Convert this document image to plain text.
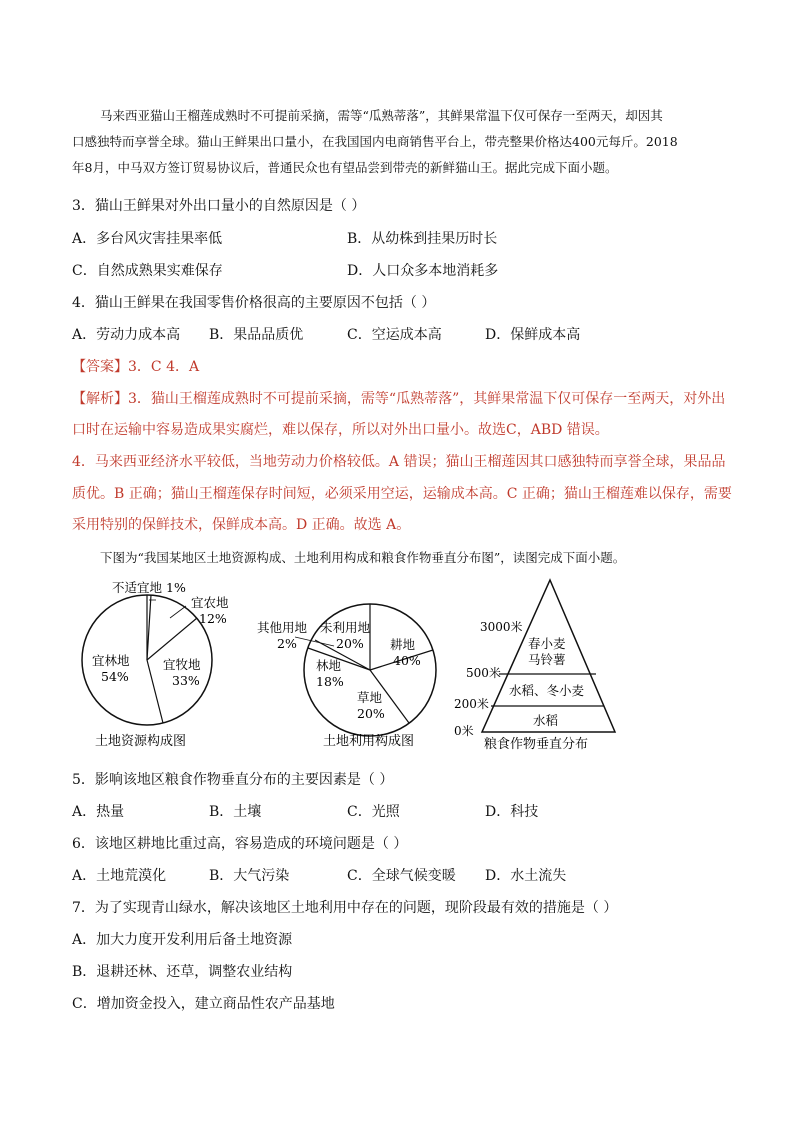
马来西亚猫山王榴莲成熟时不可提前采摘，需等“瓜熟蒂落”，其鲜果常温下仅可保存一至两天，却因其
口感独特而享誉全球。猫山王鲜果出口量小，在我国国内电商销售平台上，带壳整果价格达400元每斤。2018
年8月，中马双方签订贸易协议后，普通民众也有望品尝到带壳的新鲜猫山王。据此完成下面小题。
3．猫山王鲜果对外出口量小的自然原因是（ ）
A．多台风灾害挂果率低	B．从幼株到挂果历时长
C．自然成熟果实难保存	D．人口众多本地消耗多
4．猫山王鲜果在我国零售价格很高的主要原因不包括（ ）
A．劳动力成本高 B．果品品质优	C．空运成本高	D．保鲜成本高
【答案】3．C 4．A
【解析】3．猫山王榴莲成熟时不可提前采摘，需等“瓜熟蒂落”，其鲜果常温下仅可保存一至两天，对外出
口时在运输中容易造成果实腐烂，难以保存，所以对外出口量小。故选C，ABD 错误。
4．马来西亚经济水平较低，当地劳动力价格较低。A 错误；猫山王榴莲因其口感独特而享誉全球，果品品
质优。B 正确；猫山王榴莲保存时间短，必须采用空运，运输成本高。C 正确；猫山王榴莲难以保存，需要
采用特别的保鲜技术，保鲜成本高。D 正确。故选 A。
下图为“我国某地区土地资源构成、土地利用构成和粮食作物垂直分布图”，读图完成下面小题。
不适宜地 1%
宜农地
12%
宜牧地
33%
宜林地
54%
土地资源构成图
其他用地
2%
未利用地
20% 耕地
40%
林地
18%
草地
20%
土地利用构成图
3000米
500米
200米
0米
春小麦
马铃薯
水稻、冬小麦
水稻
粮食作物垂直分布
5．影响该地区粮食作物垂直分布的主要因素是（ ）
A．热量	B．土壤	C．光照	D．科技
6．该地区耕地比重过高，容易造成的环境问题是（ ）
A．土地荒漠化	B．大气污染	C．全球气候变暖 D．水土流失
7．为了实现青山绿水，解决该地区土地利用中存在的问题，现阶段最有效的措施是（ ）
A．加大力度开发利用后备土地资源
B．退耕还林、还草，调整农业结构
C．增加资金投入，建立商品性农产品基地
